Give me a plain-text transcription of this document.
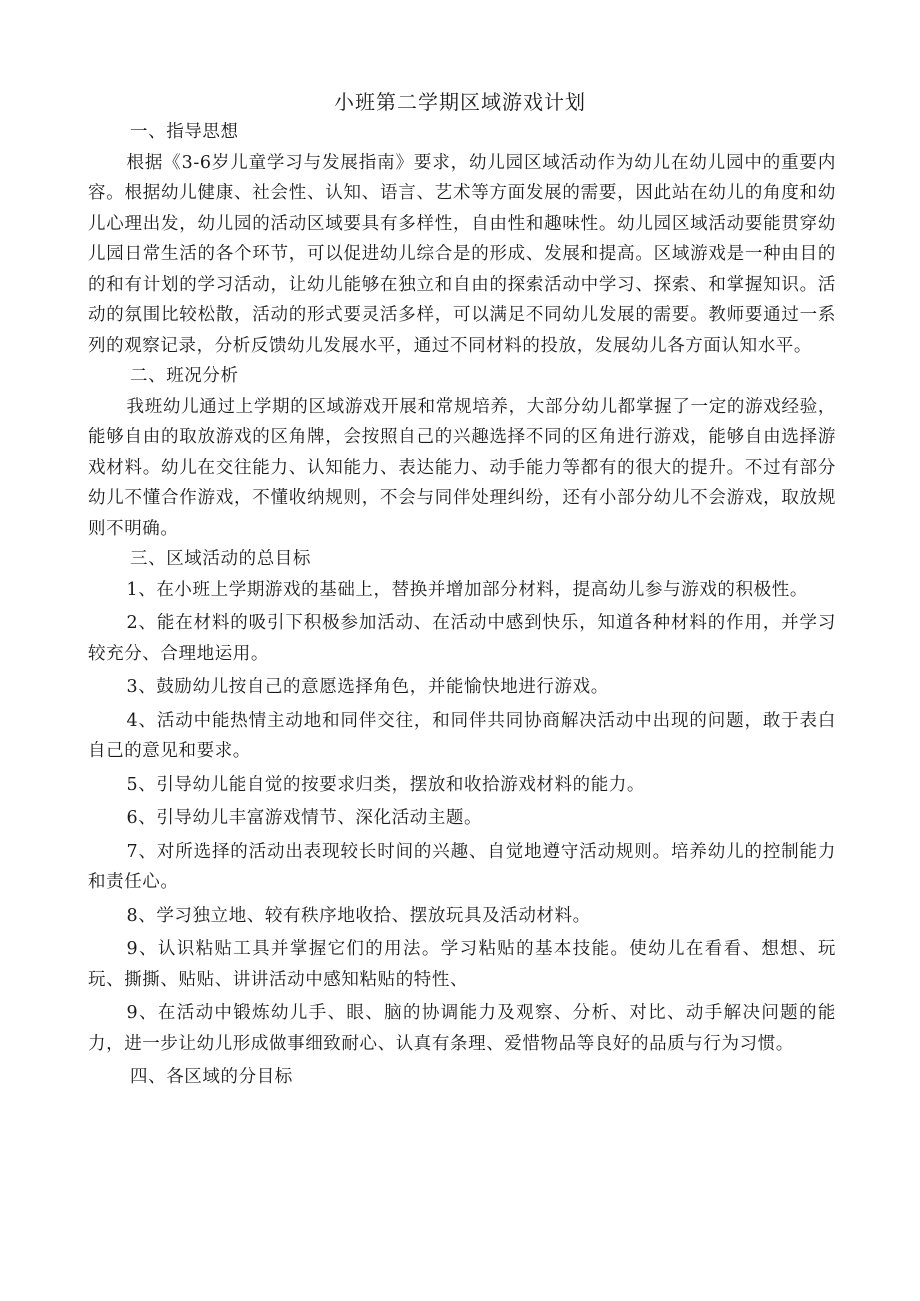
小班第二学期区域游戏计划

一、指导思想

根据《3-6岁儿童学习与发展指南》要求，幼儿园区域活动作为幼儿在幼儿园中的重要内容。根据幼儿健康、社会性、认知、语言、艺术等方面发展的需要，因此站在幼儿的角度和幼儿心理出发，幼儿园的活动区域要具有多样性，自由性和趣味性。幼儿园区域活动要能贯穿幼儿园日常生活的各个环节，可以促进幼儿综合是的形成、发展和提高。区域游戏是一种由目的的和有计划的学习活动，让幼儿能够在独立和自由的探索活动中学习、探索、和掌握知识。活动的氛围比较松散，活动的形式要灵活多样，可以满足不同幼儿发展的需要。教师要通过一系列的观察记录，分析反馈幼儿发展水平，通过不同材料的投放，发展幼儿各方面认知水平。

二、班况分析

我班幼儿通过上学期的区域游戏开展和常规培养，大部分幼儿都掌握了一定的游戏经验，能够自由的取放游戏的区角牌，会按照自己的兴趣选择不同的区角进行游戏，能够自由选择游戏材料。幼儿在交往能力、认知能力、表达能力、动手能力等都有的很大的提升。不过有部分幼儿不懂合作游戏，不懂收纳规则，不会与同伴处理纠纷，还有小部分幼儿不会游戏，取放规则不明确。

三、区域活动的总目标

1、在小班上学期游戏的基础上，替换并增加部分材料，提高幼儿参与游戏的积极性。

2、能在材料的吸引下积极参加活动、在活动中感到快乐，知道各种材料的作用，并学习较充分、合理地运用。

3、鼓励幼儿按自己的意愿选择角色，并能愉快地进行游戏。

4、活动中能热情主动地和同伴交往，和同伴共同协商解决活动中出现的问题，敢于表白自己的意见和要求。

5、引导幼儿能自觉的按要求归类，摆放和收拾游戏材料的能力。

6、引导幼儿丰富游戏情节、深化活动主题。

7、对所选择的活动出表现较长时间的兴趣、自觉地遵守活动规则。培养幼儿的控制能力和责任心。

8、学习独立地、较有秩序地收拾、摆放玩具及活动材料。

9、认识粘贴工具并掌握它们的用法。学习粘贴的基本技能。使幼儿在看看、想想、玩玩、撕撕、贴贴、讲讲活动中感知粘贴的特性、

9、在活动中锻炼幼儿手、眼、脑的协调能力及观察、分析、对比、动手解决问题的能力，进一步让幼儿形成做事细致耐心、认真有条理、爱惜物品等良好的品质与行为习惯。

四、各区域的分目标
